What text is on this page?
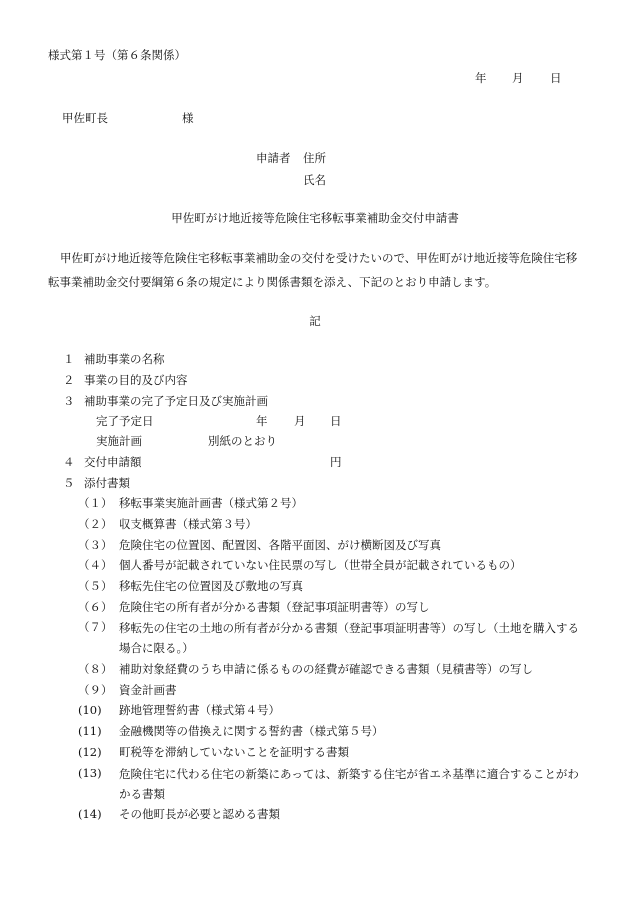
様式第１号（第６条関係）
年 月 日
甲佐町長	様
申請者 住所
氏名
甲佐町がけ地近接等危険住宅移転事業補助金交付申請書
甲佐町がけ地近接等危険住宅移転事業補助金の交付を受けたいので、甲佐町がけ地近接等危険住宅移転事業補助金交付要綱第６条の規定により関係書類を添え、下記のとおり申請します。
記
１ 補助事業の名称
２ 事業の目的及び内容
３ 補助事業の完了予定日及び実施計画
完了予定日	年 月 日
実施計画	別紙のとおり
４ 交付申請額	円
５ 添付書類
（１） 移転事業実施計画書（様式第２号）
（２） 収支概算書（様式第３号）
（３） 危険住宅の位置図、配置図、各階平面図、がけ横断図及び写真
（４） 個人番号が記載されていない住民票の写し（世帯全員が記載されているもの）
（５） 移転先住宅の位置図及び敷地の写真
（６） 危険住宅の所有者が分かる書類（登記事項証明書等）の写し
（７） 移転先の住宅の土地の所有者が分かる書類（登記事項証明書等）の写し（土地を購入する場合に限る。）
（８） 補助対象経費のうち申請に係るものの経費が確認できる書類（見積書等）の写し
（９） 資金計画書
(10) 跡地管理誓約書（様式第４号）
(11) 金融機関等の借換えに関する誓約書（様式第５号）
(12) 町税等を滞納していないことを証明する書類
(13) 危険住宅に代わる住宅の新築にあっては、新築する住宅が省エネ基準に適合することがわかる書類
(14) その他町長が必要と認める書類
